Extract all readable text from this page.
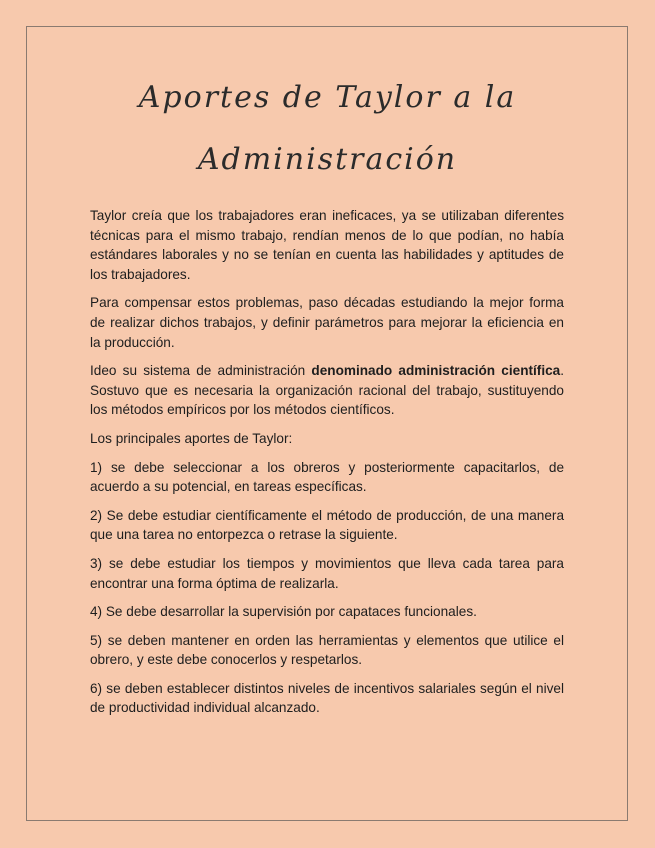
Aportes de Taylor a la
Administración

Taylor creía que los trabajadores eran ineficaces, ya se utilizaban diferentes técnicas para el mismo trabajo, rendían menos de lo que podían, no había estándares laborales y no se tenían en cuenta las habilidades y aptitudes de los trabajadores.

Para compensar estos problemas, paso décadas estudiando la mejor forma de realizar dichos trabajos, y definir parámetros para mejorar la eficiencia en la producción.

Ideo su sistema de administración denominado administración científica. Sostuvo que es necesaria la organización racional del trabajo, sustituyendo los métodos empíricos por los métodos científicos.

Los principales aportes de Taylor:

1) se debe seleccionar a los obreros y posteriormente capacitarlos, de acuerdo a su potencial, en tareas específicas.

2) Se debe estudiar científicamente el método de producción, de una manera que una tarea no entorpezca o retrase la siguiente.

3) se debe estudiar los tiempos y movimientos que lleva cada tarea para encontrar una forma óptima de realizarla.

4) Se debe desarrollar la supervisión por capataces funcionales.

5) se deben mantener en orden las herramientas y elementos que utilice el obrero, y este debe conocerlos y respetarlos.

6) se deben establecer distintos niveles de incentivos salariales según el nivel de productividad individual alcanzado.
